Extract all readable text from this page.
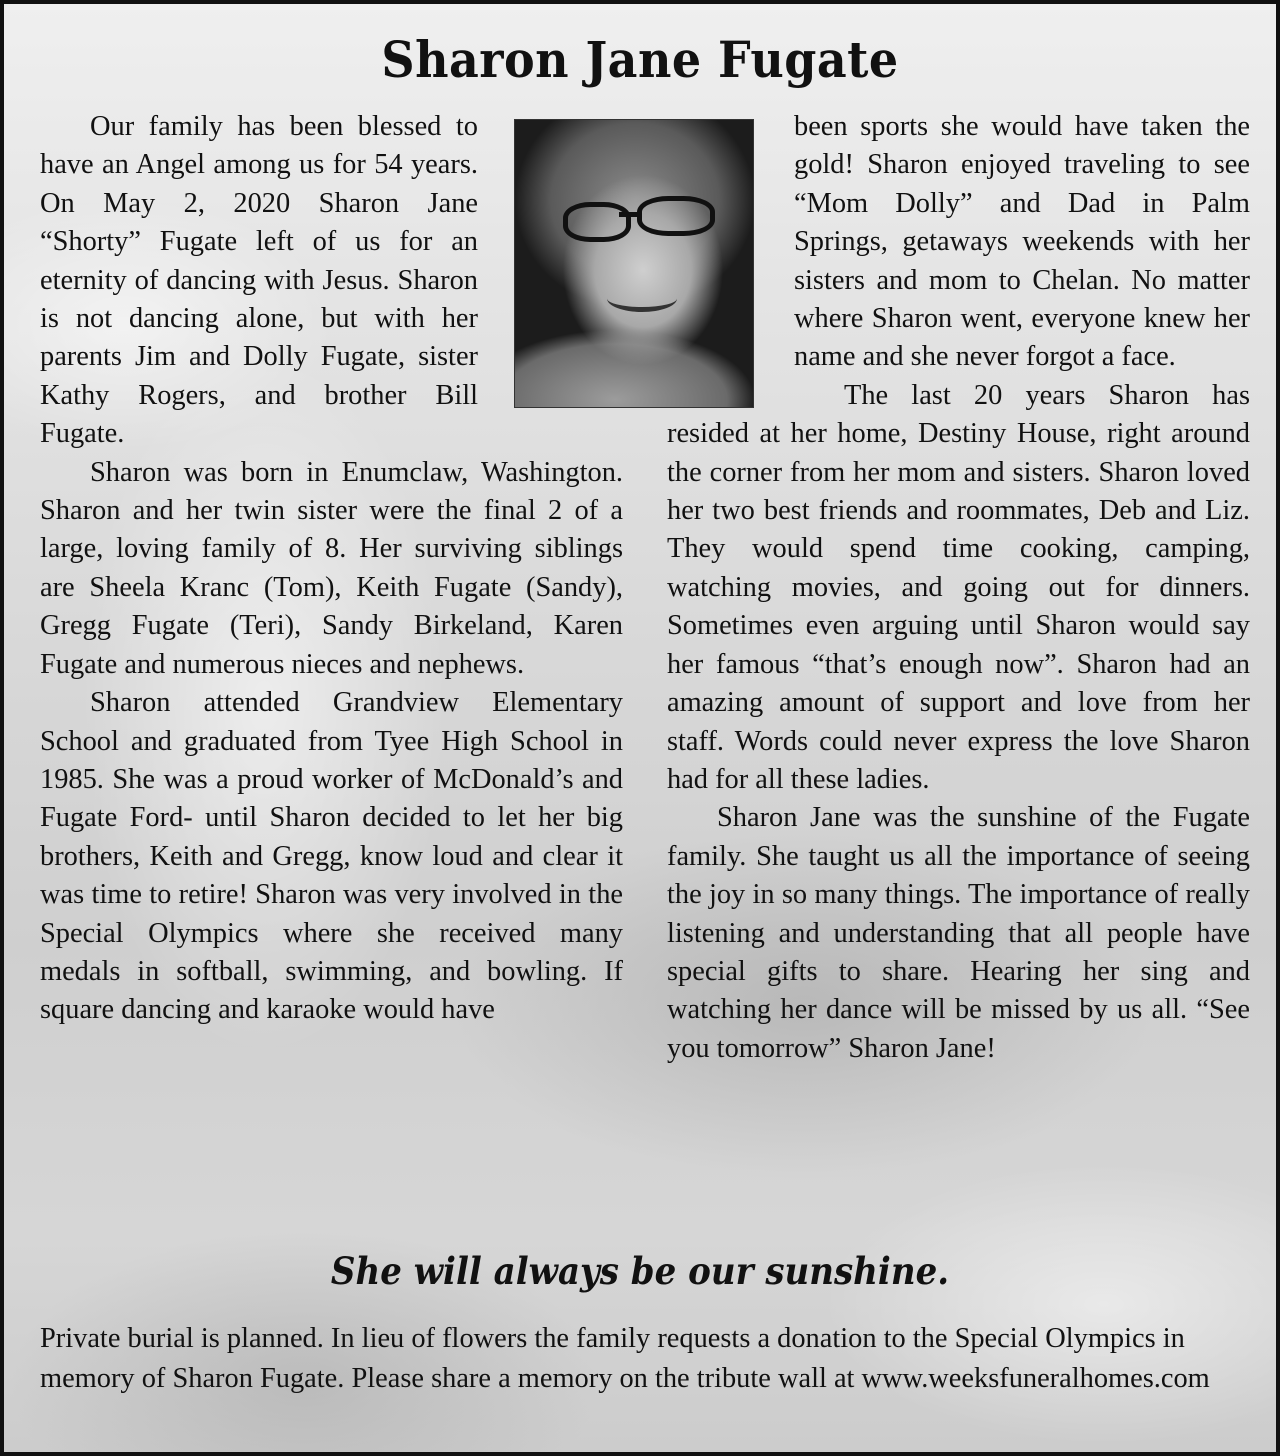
Sharon Jane Fugate

Our family has been blessed to have an Angel among us for 54 years. On May 2, 2020 Sharon Jane “Shorty” Fugate left of us for an eternity of dancing with Jesus. Sharon is not dancing alone, but with her parents Jim and Dolly Fugate, sister Kathy Rogers, and brother Bill Fugate.

Sharon was born in Enumclaw, Washington. Sharon and her twin sister were the final 2 of a large, loving family of 8. Her surviving siblings are Sheela Kranc (Tom), Keith Fugate (Sandy), Gregg Fugate (Teri), Sandy Birkeland, Karen Fugate and numerous nieces and nephews.

Sharon attended Grandview Elementary School and graduated from Tyee High School in 1985. She was a proud worker of McDonald’s and Fugate Ford- until Sharon decided to let her big brothers, Keith and Gregg, know loud and clear it was time to retire! Sharon was very involved in the Special Olympics where she received many medals in softball, swimming, and bowling. If square dancing and karaoke would have

been sports she would have taken the gold! Sharon enjoyed traveling to see “Mom Dolly” and Dad in Palm Springs, getaways weekends with her sisters and mom to Chelan. No matter where Sharon went, everyone knew her name and she never forgot a face.

The last 20 years Sharon has resided at her home, Destiny House, right around the corner from her mom and sisters. Sharon loved her two best friends and roommates, Deb and Liz. They would spend time cooking, camping, watching movies, and going out for dinners. Sometimes even arguing until Sharon would say her famous “that’s enough now”. Sharon had an amazing amount of support and love from her staff. Words could never express the love Sharon had for all these ladies.

Sharon Jane was the sunshine of the Fugate family. She taught us all the importance of seeing the joy in so many things. The importance of really listening and understanding that all people have special gifts to share. Hearing her sing and watching her dance will be missed by us all. “See you tomorrow” Sharon Jane!

She will always be our sunshine.

Private burial is planned. In lieu of flowers the family requests a donation to the Special Olympics in memory of Sharon Fugate. Please share a memory on the tribute wall at www.weeksfuneralhomes.com
